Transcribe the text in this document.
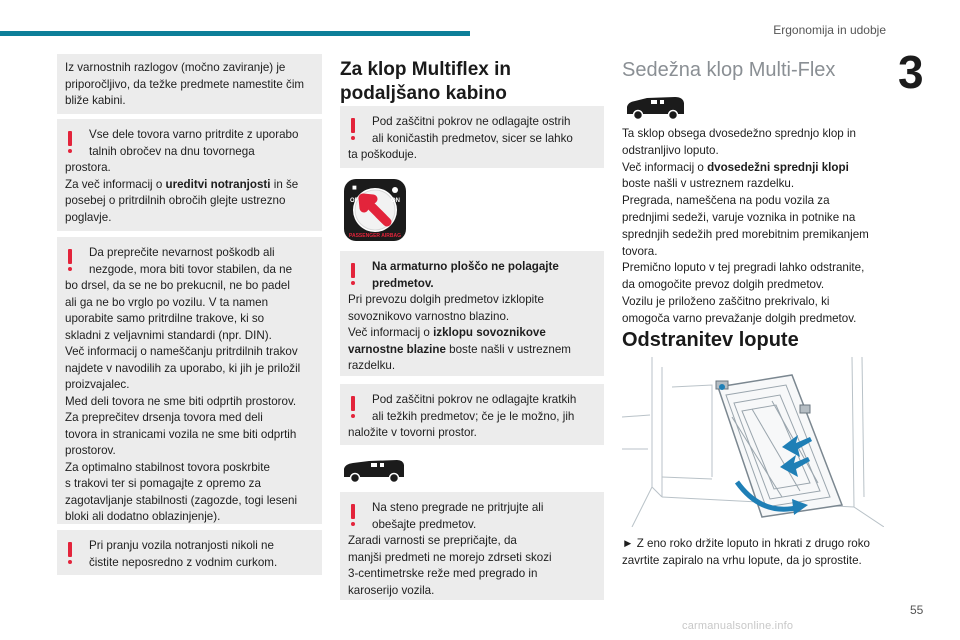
Ergonomija in udobje
3

Iz varnostnih razlogov (močno zaviranje) je priporočljivo, da težke predmete namestite čim bliže kabini.

Vse dele tovora varno pritrdite z uporabo

talnih obročev na dnu tovornega

prostora.

Za več informacij o ureditvi notranjosti in še

posebej o pritrdilnih obročih glejte ustrezno

poglavje.

Da preprečite nevarnost poškodb ali

nezgode, mora biti tovor stabilen, da ne

bo drsel, da se ne bo prekucnil, ne bo padel

ali ga ne bo vrglo po vozilu. V ta namen

uporabite samo pritrdilne trakove, ki so

skladni z veljavnimi standardi (npr. DIN).

Več informacij o nameščanju pritrdilnih trakov

najdete v navodilih za uporabo, ki jih je priložil

proizvajalec.

Med deli tovora ne sme biti odprtih prostorov.

Za preprečitev drsenja tovora med deli

tovora in stranicami vozila ne sme biti odprtih

prostorov.

Za optimalno stabilnost tovora poskrbite

s trakovi ter si pomagajte z opremo za

zagotavljanje stabilnosti (zagozde, togi leseni

bloki ali dodatno oblazinjenje).

Pri pranju vozila notranjosti nikoli ne

čistite neposredno z vodnim curkom.

Za klop Multiflex in
podaljšano kabino

Pod zaščitni pokrov ne odlagajte ostrih

ali koničastih predmetov, sicer se lahko

ta poškoduje.

■
OFF	ON
PASSENGER AIRBAG

Na armaturno ploščo ne polagajte

predmetov.

Pri prevozu dolgih predmetov izklopite

sovoznikovo varnostno blazino.

Več informacij o izklopu sovoznikove

varnostne blazine boste našli v ustreznem

razdelku.

Pod zaščitni pokrov ne odlagajte kratkih

ali težkih predmetov; če je le možno, jih

naložite v tovorni prostor.

Na steno pregrade ne pritrjujte ali

obešajte predmetov.

Zaradi varnosti se prepričajte, da

manjši predmeti ne morejo zdrseti skozi

3-centimetrske reže med pregrado in

karoserijo vozila.

Sedežna klop Multi-Flex

Ta sklop obsega dvosedežno sprednjo klop in

odstranljivo loputo.

Več informacij o dvosedežni sprednji klopi

boste našli v ustreznem razdelku.

Pregrada, nameščena na podu vozila za

prednjimi sedeži, varuje voznika in potnike na

sprednjih sedežih pred morebitnim premikanjem

tovora.

Premično loputo v tej pregradi lahko odstranite,

da omogočite prevoz dolgih predmetov.

Vozilu je priloženo zaščitno prekrivalo, ki

omogoča varno prevažanje dolgih predmetov.

Odstranitev lopute

► Z eno roko držite loputo in hkrati z drugo roko

zavrtite zapiralo na vrhu lopute, da jo sprostite.

55
carmanualsonline.info
